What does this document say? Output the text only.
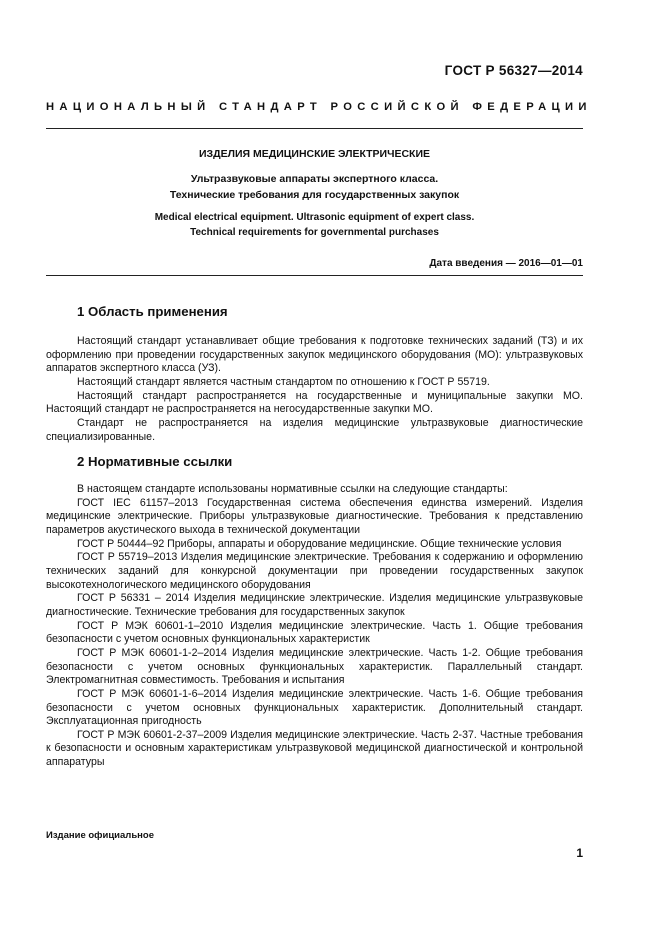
ГОСТ Р 56327—2014

НАЦИОНАЛЬНЫЙ СТАНДАРТ РОССИЙСКОЙ ФЕДЕРАЦИИ

ИЗДЕЛИЯ МЕДИЦИНСКИЕ ЭЛЕКТРИЧЕСКИЕ

Ультразвуковые аппараты экспертного класса.
Технические требования для государственных закупок
Medical electrical equipment. Ultrasonic equipment of expert class.
Technical requirements for governmental purchases

Дата введения — 2016—01—01

1 Область применения

Настоящий стандарт устанавливает общие требования к подготовке технических заданий (ТЗ) и их оформлению при проведении государственных закупок медицинского оборудования (МО): ультразвуковых аппаратов экспертного класса (УЗ).

Настоящий стандарт является частным стандартом по отношению к ГОСТ Р 55719.

Настоящий стандарт распространяется на государственные и муниципальные закупки МО. Настоящий стандарт не распространяется на негосударственные закупки МО.

Стандарт не распространяется на изделия медицинские ультразвуковые диагностические специализированные.

2 Нормативные ссылки

В настоящем стандарте использованы нормативные ссылки на следующие стандарты:

ГОСТ IEC 61157–2013 Государственная система обеспечения единства измерений. Изделия медицинские электрические. Приборы ультразвуковые диагностические. Требования к представлению параметров акустического выхода в технической документации

ГОСТ Р 50444–92 Приборы, аппараты и оборудование медицинские. Общие технические условия

ГОСТ Р 55719–2013 Изделия медицинские электрические. Требования к содержанию и оформлению технических заданий для конкурсной документации при проведении государственных закупок высокотехнологического медицинского оборудования

ГОСТ Р 56331 – 2014 Изделия медицинские электрические. Изделия медицинские ультразвуковые диагностические. Технические требования для государственных закупок

ГОСТ Р МЭК 60601-1–2010 Изделия медицинские электрические. Часть 1. Общие требования безопасности с учетом основных функциональных характеристик

ГОСТ Р МЭК 60601-1-2–2014 Изделия медицинские электрические. Часть 1-2. Общие требования безопасности с учетом основных функциональных характеристик. Параллельный стандарт. Электромагнитная совместимость. Требования и испытания

ГОСТ Р МЭК 60601-1-6–2014 Изделия медицинские электрические. Часть 1-6. Общие требования безопасности с учетом основных функциональных характеристик. Дополнительный стандарт. Эксплуатационная пригодность

ГОСТ Р МЭК 60601-2-37–2009 Изделия медицинские электрические. Часть 2-37. Частные требования к безопасности и основным характеристикам ультразвуковой медицинской диагностической и контрольной аппаратуры

Издание официальное

1
